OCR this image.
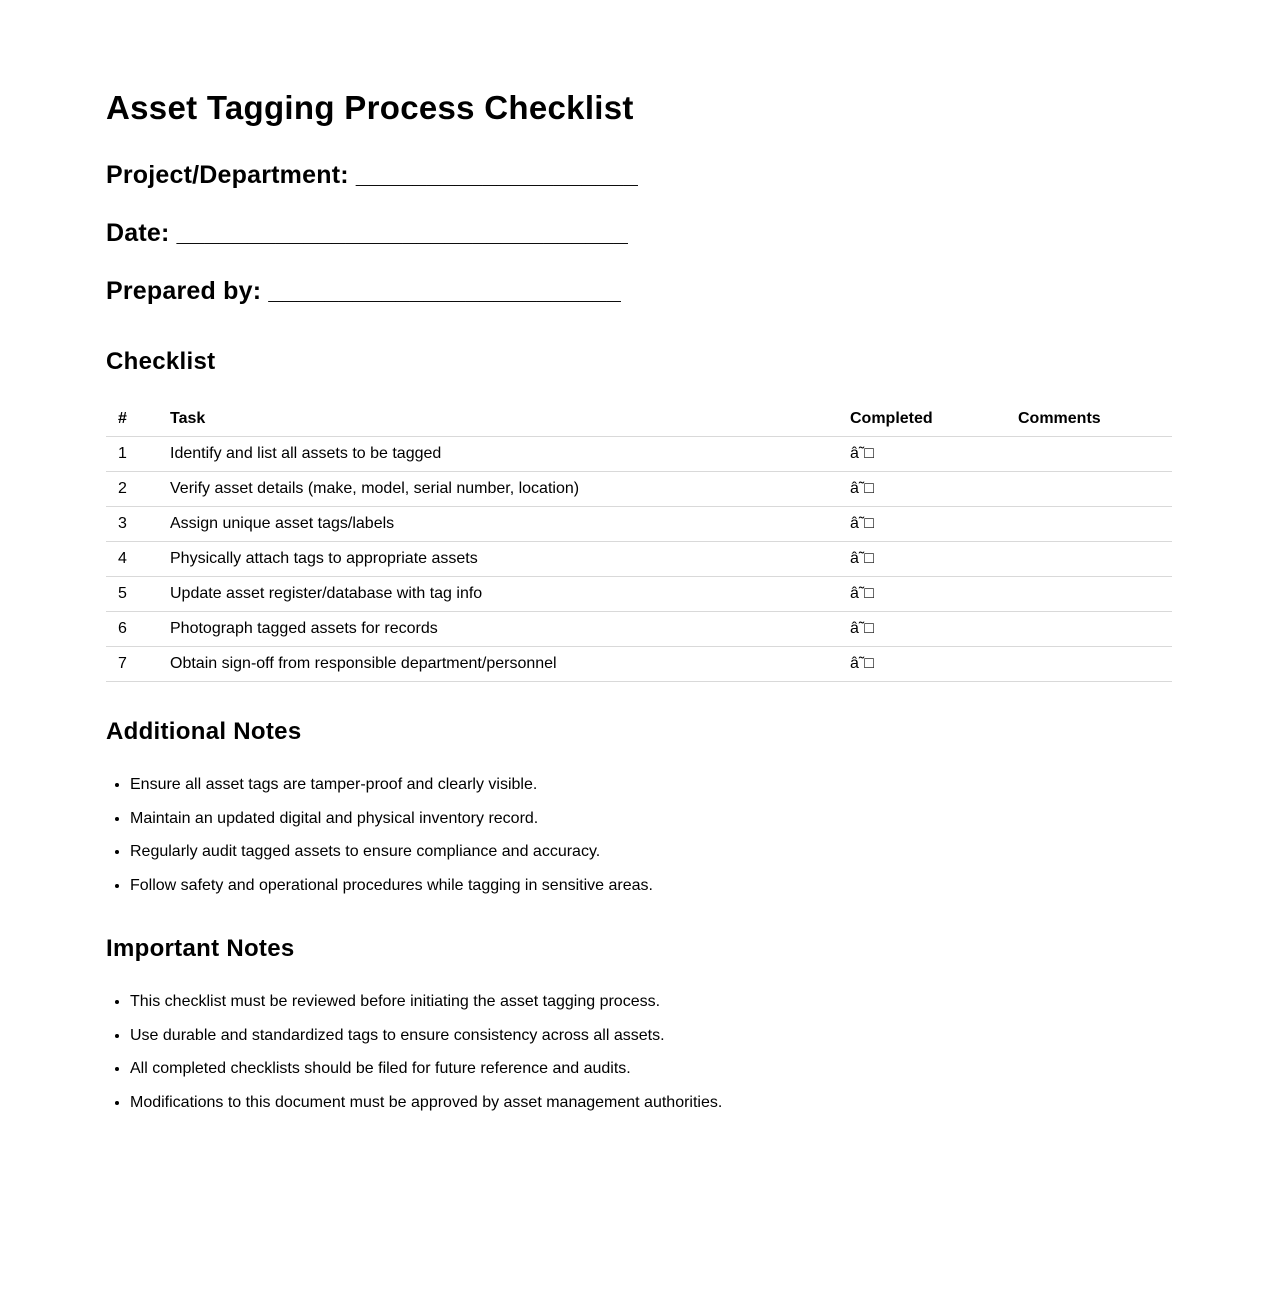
Asset Tagging Process Checklist

Project/Department: ____________________

Date: ________________________________

Prepared by: _________________________

Checklist
#	Task	Completed	Comments
1	Identify and list all assets to be tagged	â˜□	
2	Verify asset details (make, model, serial number, location)	â˜□	
3	Assign unique asset tags/labels	â˜□	
4	Physically attach tags to appropriate assets	â˜□	
5	Update asset register/database with tag info	â˜□	
6	Photograph tagged assets for records	â˜□	
7	Obtain sign-off from responsible department/personnel	â˜□	
Additional Notes
• Ensure all asset tags are tamper-proof and clearly visible.
• Maintain an updated digital and physical inventory record.
• Regularly audit tagged assets to ensure compliance and accuracy.
• Follow safety and operational procedures while tagging in sensitive areas.
Important Notes
• This checklist must be reviewed before initiating the asset tagging process.
• Use durable and standardized tags to ensure consistency across all assets.
• All completed checklists should be filed for future reference and audits.
• Modifications to this document must be approved by asset management authorities.
